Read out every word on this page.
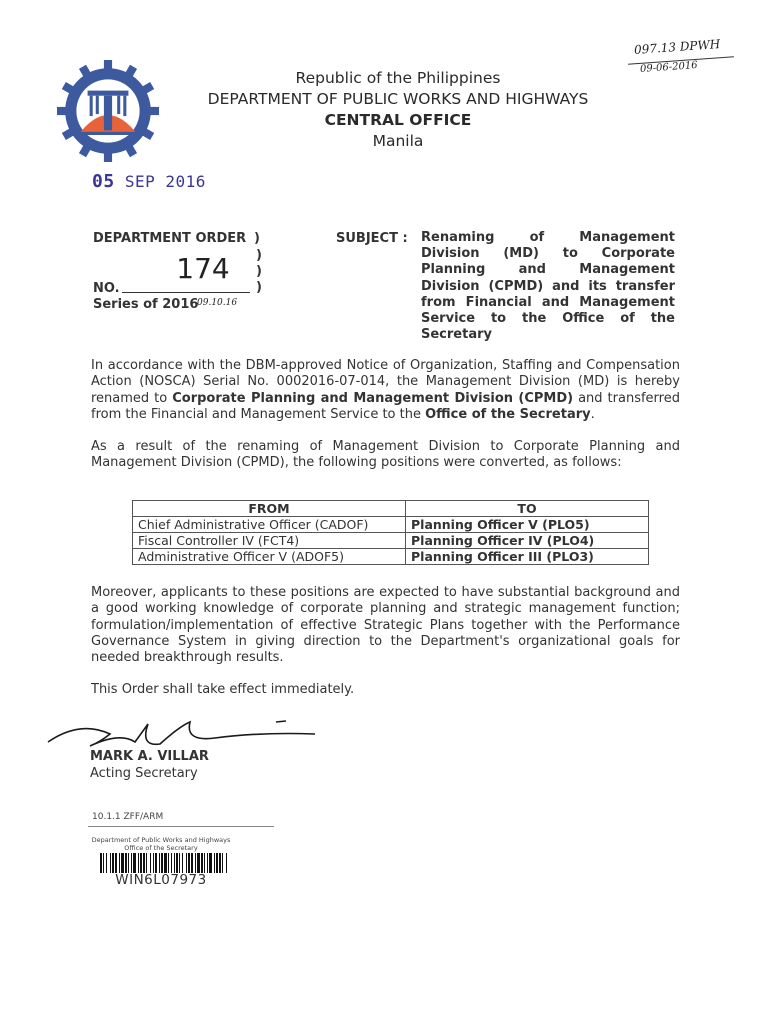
Republic of the Philippines
DEPARTMENT OF PUBLIC WORKS AND HIGHWAYS
CENTRAL OFFICE
Manila
097.13 DPWH
09-06-2016
05 SEP 2016
DEPARTMENT ORDER )
)
)
)
174
NO.
Series of 2016
09.10.16
SUBJECT : Renaming of Management Division (MD) to Corporate Planning and Management Division (CPMD) and its transfer from Financial and Management Service to the Office of the Secretary
In accordance with the DBM-approved Notice of Organization, Staffing and Compensation Action (NOSCA) Serial No. 0002016-07-014, the Management Division (MD) is hereby renamed to Corporate Planning and Management Division (CPMD) and transferred from the Financial and Management Service to the Office of the Secretary.
As a result of the renaming of Management Division to Corporate Planning and Management Division (CPMD), the following positions were converted, as follows:
FROM	TO
Chief Administrative Officer (CADOF)	Planning Officer V (PLO5)
Fiscal Controller IV (FCT4)	Planning Officer IV (PLO4)
Administrative Officer V (ADOF5)	Planning Officer III (PLO3)
Moreover, applicants to these positions are expected to have substantial background and a good working knowledge of corporate planning and strategic management function; formulation/implementation of effective Strategic Plans together with the Performance Governance System in giving direction to the Department's organizational goals for needed breakthrough results.
This Order shall take effect immediately.
MARK A. VILLAR
Acting Secretary
10.1.1 ZFF/ARM
Department of Public Works and Highways
Office of the Secretary
WIN6L07973
